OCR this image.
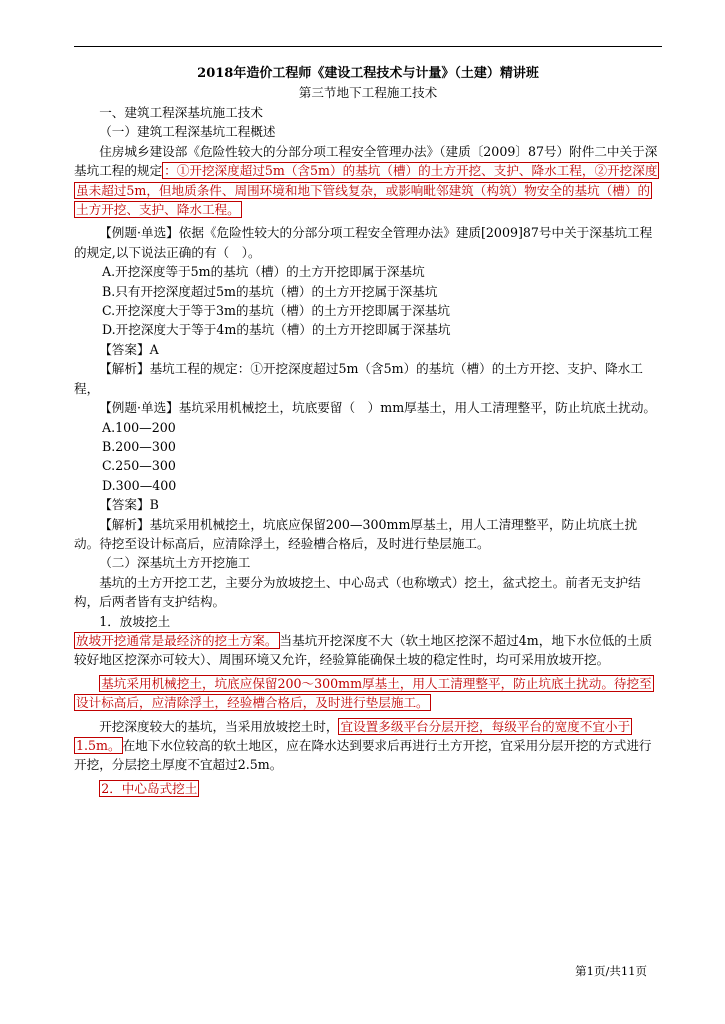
2018年造价工程师《建设工程技术与计量》（土建）精讲班
第三节地下工程施工技术

一、建筑工程深基坑施工技术

（一）建筑工程深基坑工程概述

住房城乡建设部《危险性较大的分部分项工程安全管理办法》（建质〔2009〕87号）附件二中关于深基坑工程的规定 ：①开挖深度超过5m（含5m）的基坑（槽）的土方开挖、支护、降水工程，②开挖深度虽未超过5m，但地质条件、周围环境和地下管线复杂，或影响毗邻建筑（构筑）物安全的基坑（槽）的土方开挖、支护、降水工程。

【例题·单选】依据《危险性较大的分部分项工程安全管理办法》建质[2009]87号中关于深基坑工程的规定,以下说法正确的有（　）。

A.开挖深度等于5m的基坑（槽）的土方开挖即属于深基坑

B.只有开挖深度超过5m的基坑（槽）的土方开挖属于深基坑

C.开挖深度大于等于3m的基坑（槽）的土方开挖即属于深基坑

D.开挖深度大于等于4m的基坑（槽）的土方开挖即属于深基坑

【答案】A

【解析】基坑工程的规定：①开挖深度超过5m（含5m）的基坑（槽）的土方开挖、支护、降水工程，

【例题·单选】基坑采用机械挖土，坑底要留（　）mm厚基土，用人工清理整平，防止坑底土扰动。

A.100—200

B.200—300

C.250—300

D.300—400

【答案】B

【解析】基坑采用机械挖土，坑底应保留200—300mm厚基土，用人工清理整平，防止坑底土扰动。待挖至设计标高后，应清除浮土，经验槽合格后，及时进行垫层施工。

（二）深基坑土方开挖施工

基坑的土方开挖工艺，主要分为放坡挖土、中心岛式（也称墩式）挖土，盆式挖土。前者无支护结构，后两者皆有支护结构。

1．放坡挖土

放坡开挖通常是最经济的挖土方案。 当基坑开挖深度不大（软土地区挖深不超过4m，地下水位低的土质较好地区挖深亦可较大）、周围环境又允许，经验算能确保土坡的稳定性时，均可采用放坡开挖。

基坑采用机械挖土，坑底应保留200～300mm厚基土，用人工清理整平，防止坑底土扰动。待挖至设计标高后，应清除浮土，经验槽合格后，及时进行垫层施工。

开挖深度较大的基坑，当采用放坡挖土时， 宜设置多级平台分层开挖，每级平台的宽度不宜小于1.5m。 在地下水位较高的软土地区，应在降水达到要求后再进行土方开挖，宜采用分层开挖的方式进行开挖，分层挖土厚度不宜超过2.5m。

2．中心岛式挖土

第1页/共11页
